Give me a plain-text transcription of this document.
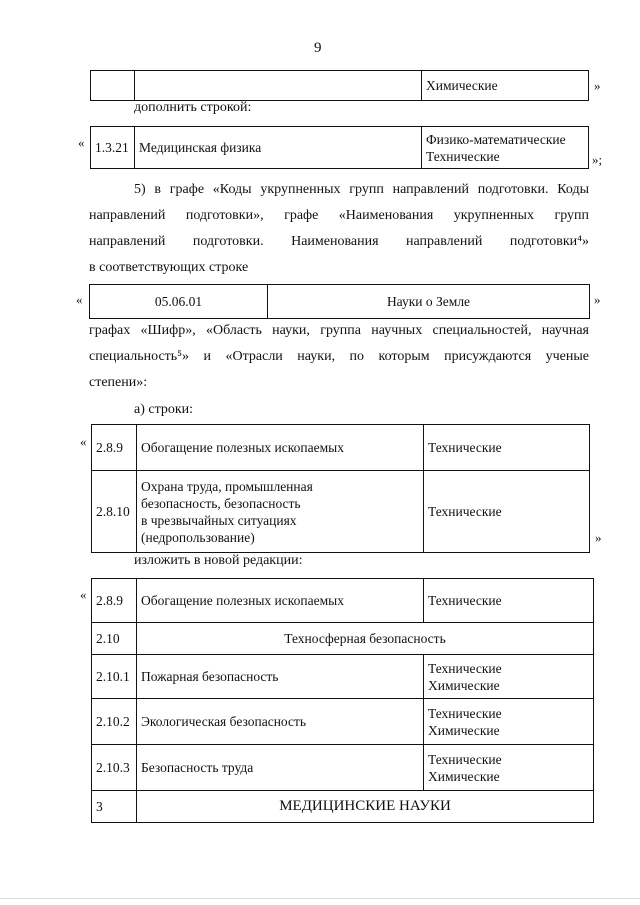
9
		Химические	»
дополнить строкой:
« 1.3.21	Медицинская физика	
Физико-математические
Технические	»;
5) в графе «Коды укрупненных групп направлений подготовки. Коды
направлений подготовки», графе «Наименования укрупненных групп
направлений подготовки. Наименования направлений подготовки⁴»
в соответствующих строке
«	05.06.01	Науки о Земле	»
графах «Шифр», «Область науки, группа научных специальностей, научная
специальность⁵» и «Отрасли науки, по которым присуждаются ученые
степени»:
а) строки:
« 2.8.9	Обогащение полезных ископаемых	Технические

2.8.10	Охрана труда, промышленная
безопасность, безопасность
в чрезвычайных ситуациях
(недропользование)	Технические
»
изложить в новой редакции:
« 2.8.9	Обогащение полезных ископаемых	Технические

2.10	Техносферная безопасность	
2.10.1	Пожарная безопасность	Технические
Химические

2.10.2	Экологическая безопасность	Технические
Химические

2.10.3	Безопасность труда	Технические
Химические

3	МЕДИЦИНСКИЕ НАУКИ	
